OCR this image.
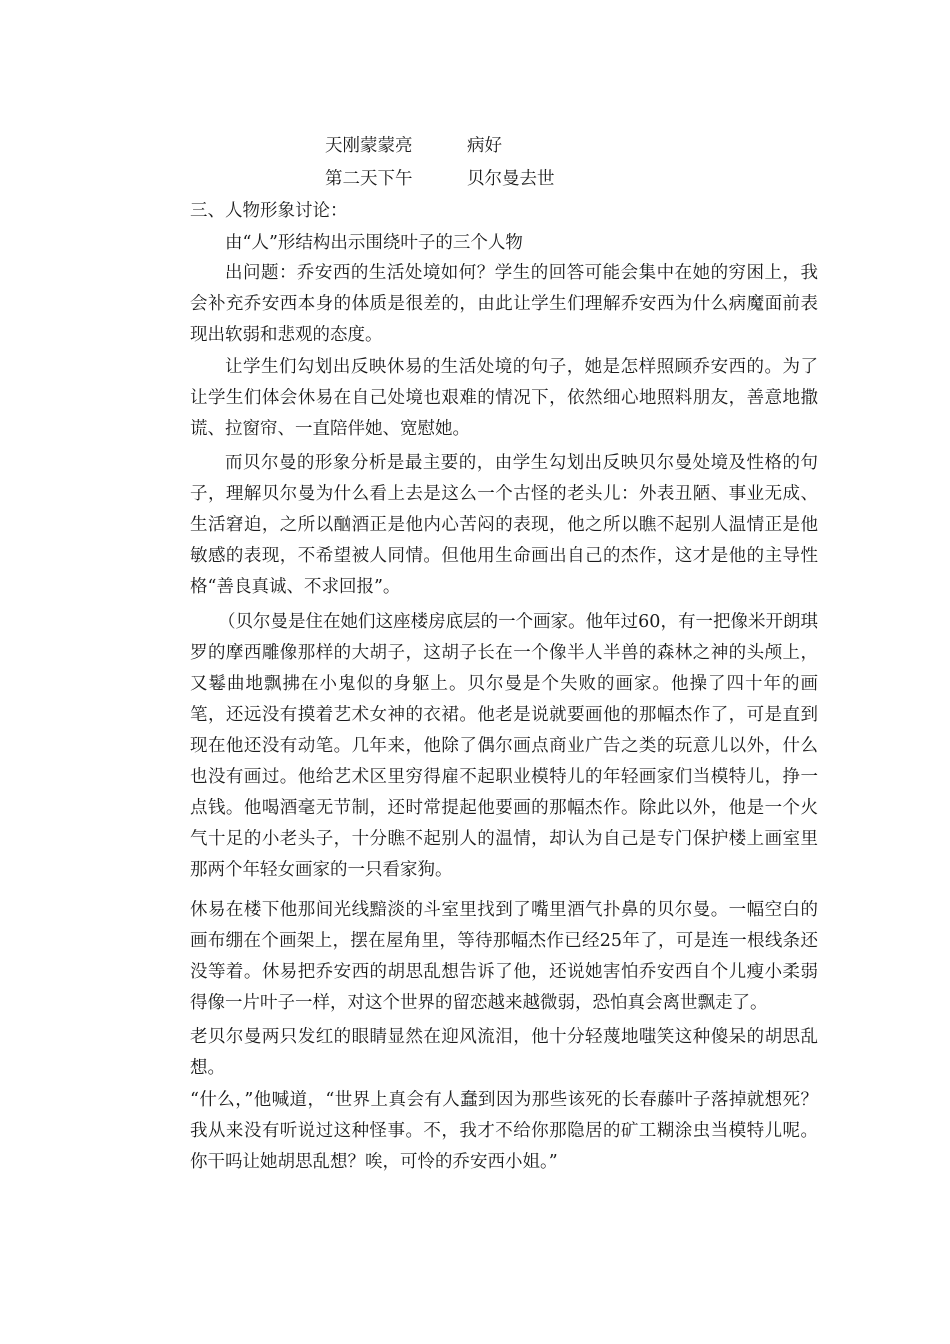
天刚蒙蒙亮	病好
第二天下午	贝尔曼去世
三、人物形象讨论：
由“人”形结构出示围绕叶子的三个人物

出问题：乔安西的生活处境如何？学生的回答可能会集中在她的穷困上，我会补充乔安西本身的体质是很差的，由此让学生们理解乔安西为什么病魔面前表现出软弱和悲观的态度。

让学生们勾划出反映休易的生活处境的句子，她是怎样照顾乔安西的。为了让学生们体会休易在自己处境也艰难的情况下，依然细心地照料朋友，善意地撒谎、拉窗帘、一直陪伴她、宽慰她。

而贝尔曼的形象分析是最主要的，由学生勾划出反映贝尔曼处境及性格的句子，理解贝尔曼为什么看上去是这么一个古怪的老头儿：外表丑陋、事业无成、生活窘迫，之所以酗酒正是他内心苦闷的表现，他之所以瞧不起别人温情正是他敏感的表现，不希望被人同情。但他用生命画出自己的杰作，这才是他的主导性格“善良真诚、不求回报”。

（贝尔曼是住在她们这座楼房底层的一个画家。他年过60，有一把像米开朗琪罗的摩西雕像那样的大胡子，这胡子长在一个像半人半兽的森林之神的头颅上，又鬈曲地飘拂在小鬼似的身躯上。贝尔曼是个失败的画家。他操了四十年的画笔，还远没有摸着艺术女神的衣裙。他老是说就要画他的那幅杰作了，可是直到现在他还没有动笔。几年来，他除了偶尔画点商业广告之类的玩意儿以外，什么也没有画过。他给艺术区里穷得雇不起职业模特儿的年轻画家们当模特儿，挣一点钱。他喝酒毫无节制，还时常提起他要画的那幅杰作。除此以外，他是一个火气十足的小老头子，十分瞧不起别人的温情，却认为自己是专门保护楼上画室里那两个年轻女画家的一只看家狗。

休易在楼下他那间光线黯淡的斗室里找到了嘴里酒气扑鼻的贝尔曼。一幅空白的画布绷在个画架上，摆在屋角里，等待那幅杰作已经25年了，可是连一根线条还没等着。休易把乔安西的胡思乱想告诉了他，还说她害怕乔安西自个儿瘦小柔弱得像一片叶子一样，对这个世界的留恋越来越微弱，恐怕真会离世飘走了。

老贝尔曼两只发红的眼睛显然在迎风流泪，他十分轻蔑地嗤笑这种傻呆的胡思乱想。

“什么，”他喊道，“世界上真会有人蠢到因为那些该死的长春藤叶子落掉就想死？我从来没有听说过这种怪事。不，我才不给你那隐居的矿工糊涂虫当模特儿呢。你干吗让她胡思乱想？唉，可怜的乔安西小姐。”
